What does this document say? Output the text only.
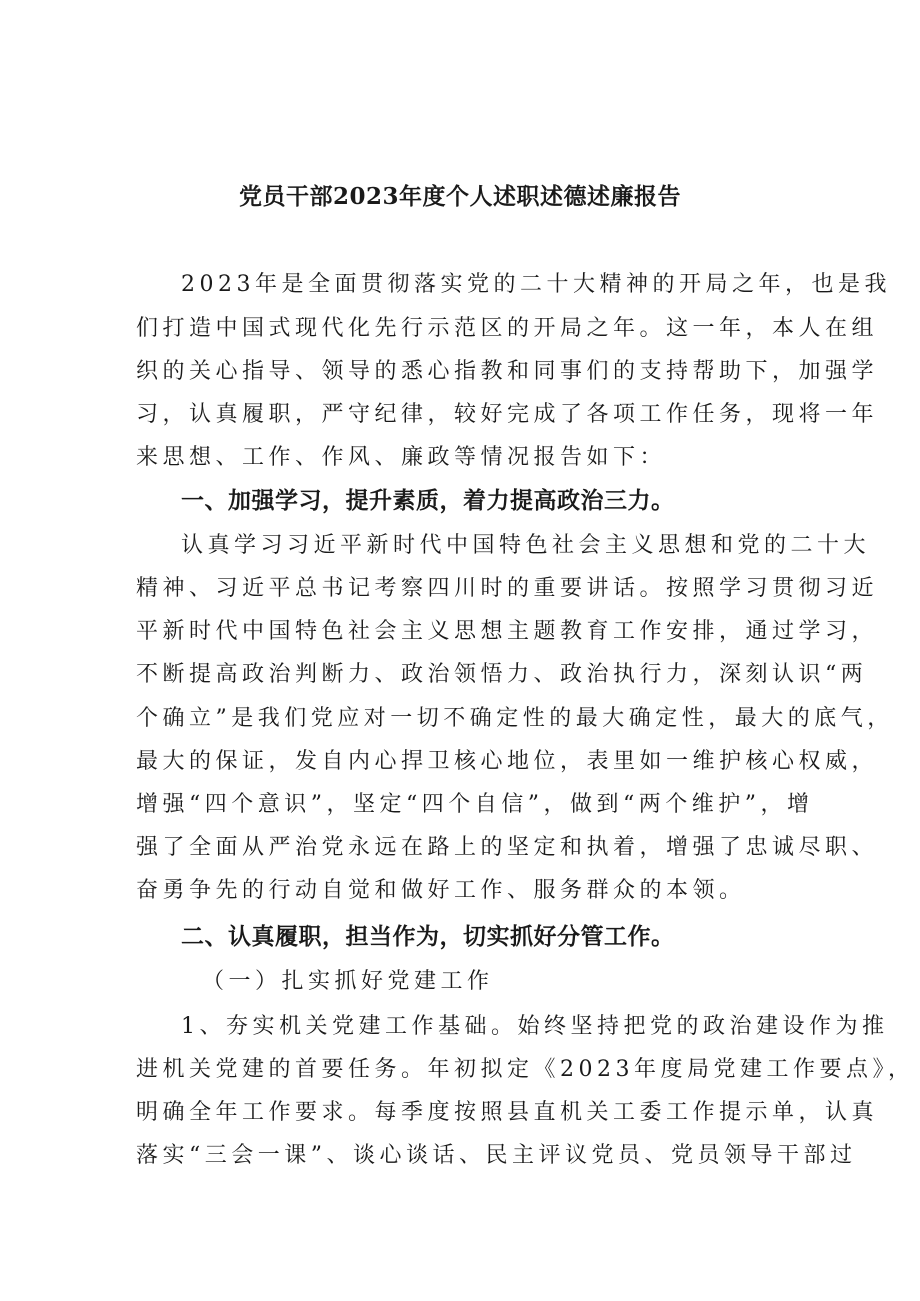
党员干部2023年度个人述职述德述廉报告
2023年是全面贯彻落实党的二十大精神的开局之年，也是我
们打造中国式现代化先行示范区的开局之年。这一年，本人在组
织的关心指导、领导的悉心指教和同事们的支持帮助下，加强学
习，认真履职，严守纪律，较好完成了各项工作任务，现将一年
来思想、工作、作风、廉政等情况报告如下：
一、加强学习，提升素质，着力提高政治三力。
认真学习习近平新时代中国特色社会主义思想和党的二十大
精神、习近平总书记考察四川时的重要讲话。按照学习贯彻习近
平新时代中国特色社会主义思想主题教育工作安排，通过学习，
不断提高政治判断力、政治领悟力、政治执行力，深刻认识“两
个确立”是我们党应对一切不确定性的最大确定性，最大的底气，
最大的保证，发自内心捍卫核心地位，表里如一维护核心权威，
增强“四个意识”，坚定“四个自信”，做到“两个维护”，增
强了全面从严治党永远在路上的坚定和执着，增强了忠诚尽职、
奋勇争先的行动自觉和做好工作、服务群众的本领。
二、认真履职，担当作为，切实抓好分管工作。
（一）扎实抓好党建工作
1、夯实机关党建工作基础。始终坚持把党的政治建设作为推
进机关党建的首要任务。年初拟定《2023年度局党建工作要点》，
明确全年工作要求。每季度按照县直机关工委工作提示单，认真
落实“三会一课”、谈心谈话、民主评议党员、党员领导干部过
